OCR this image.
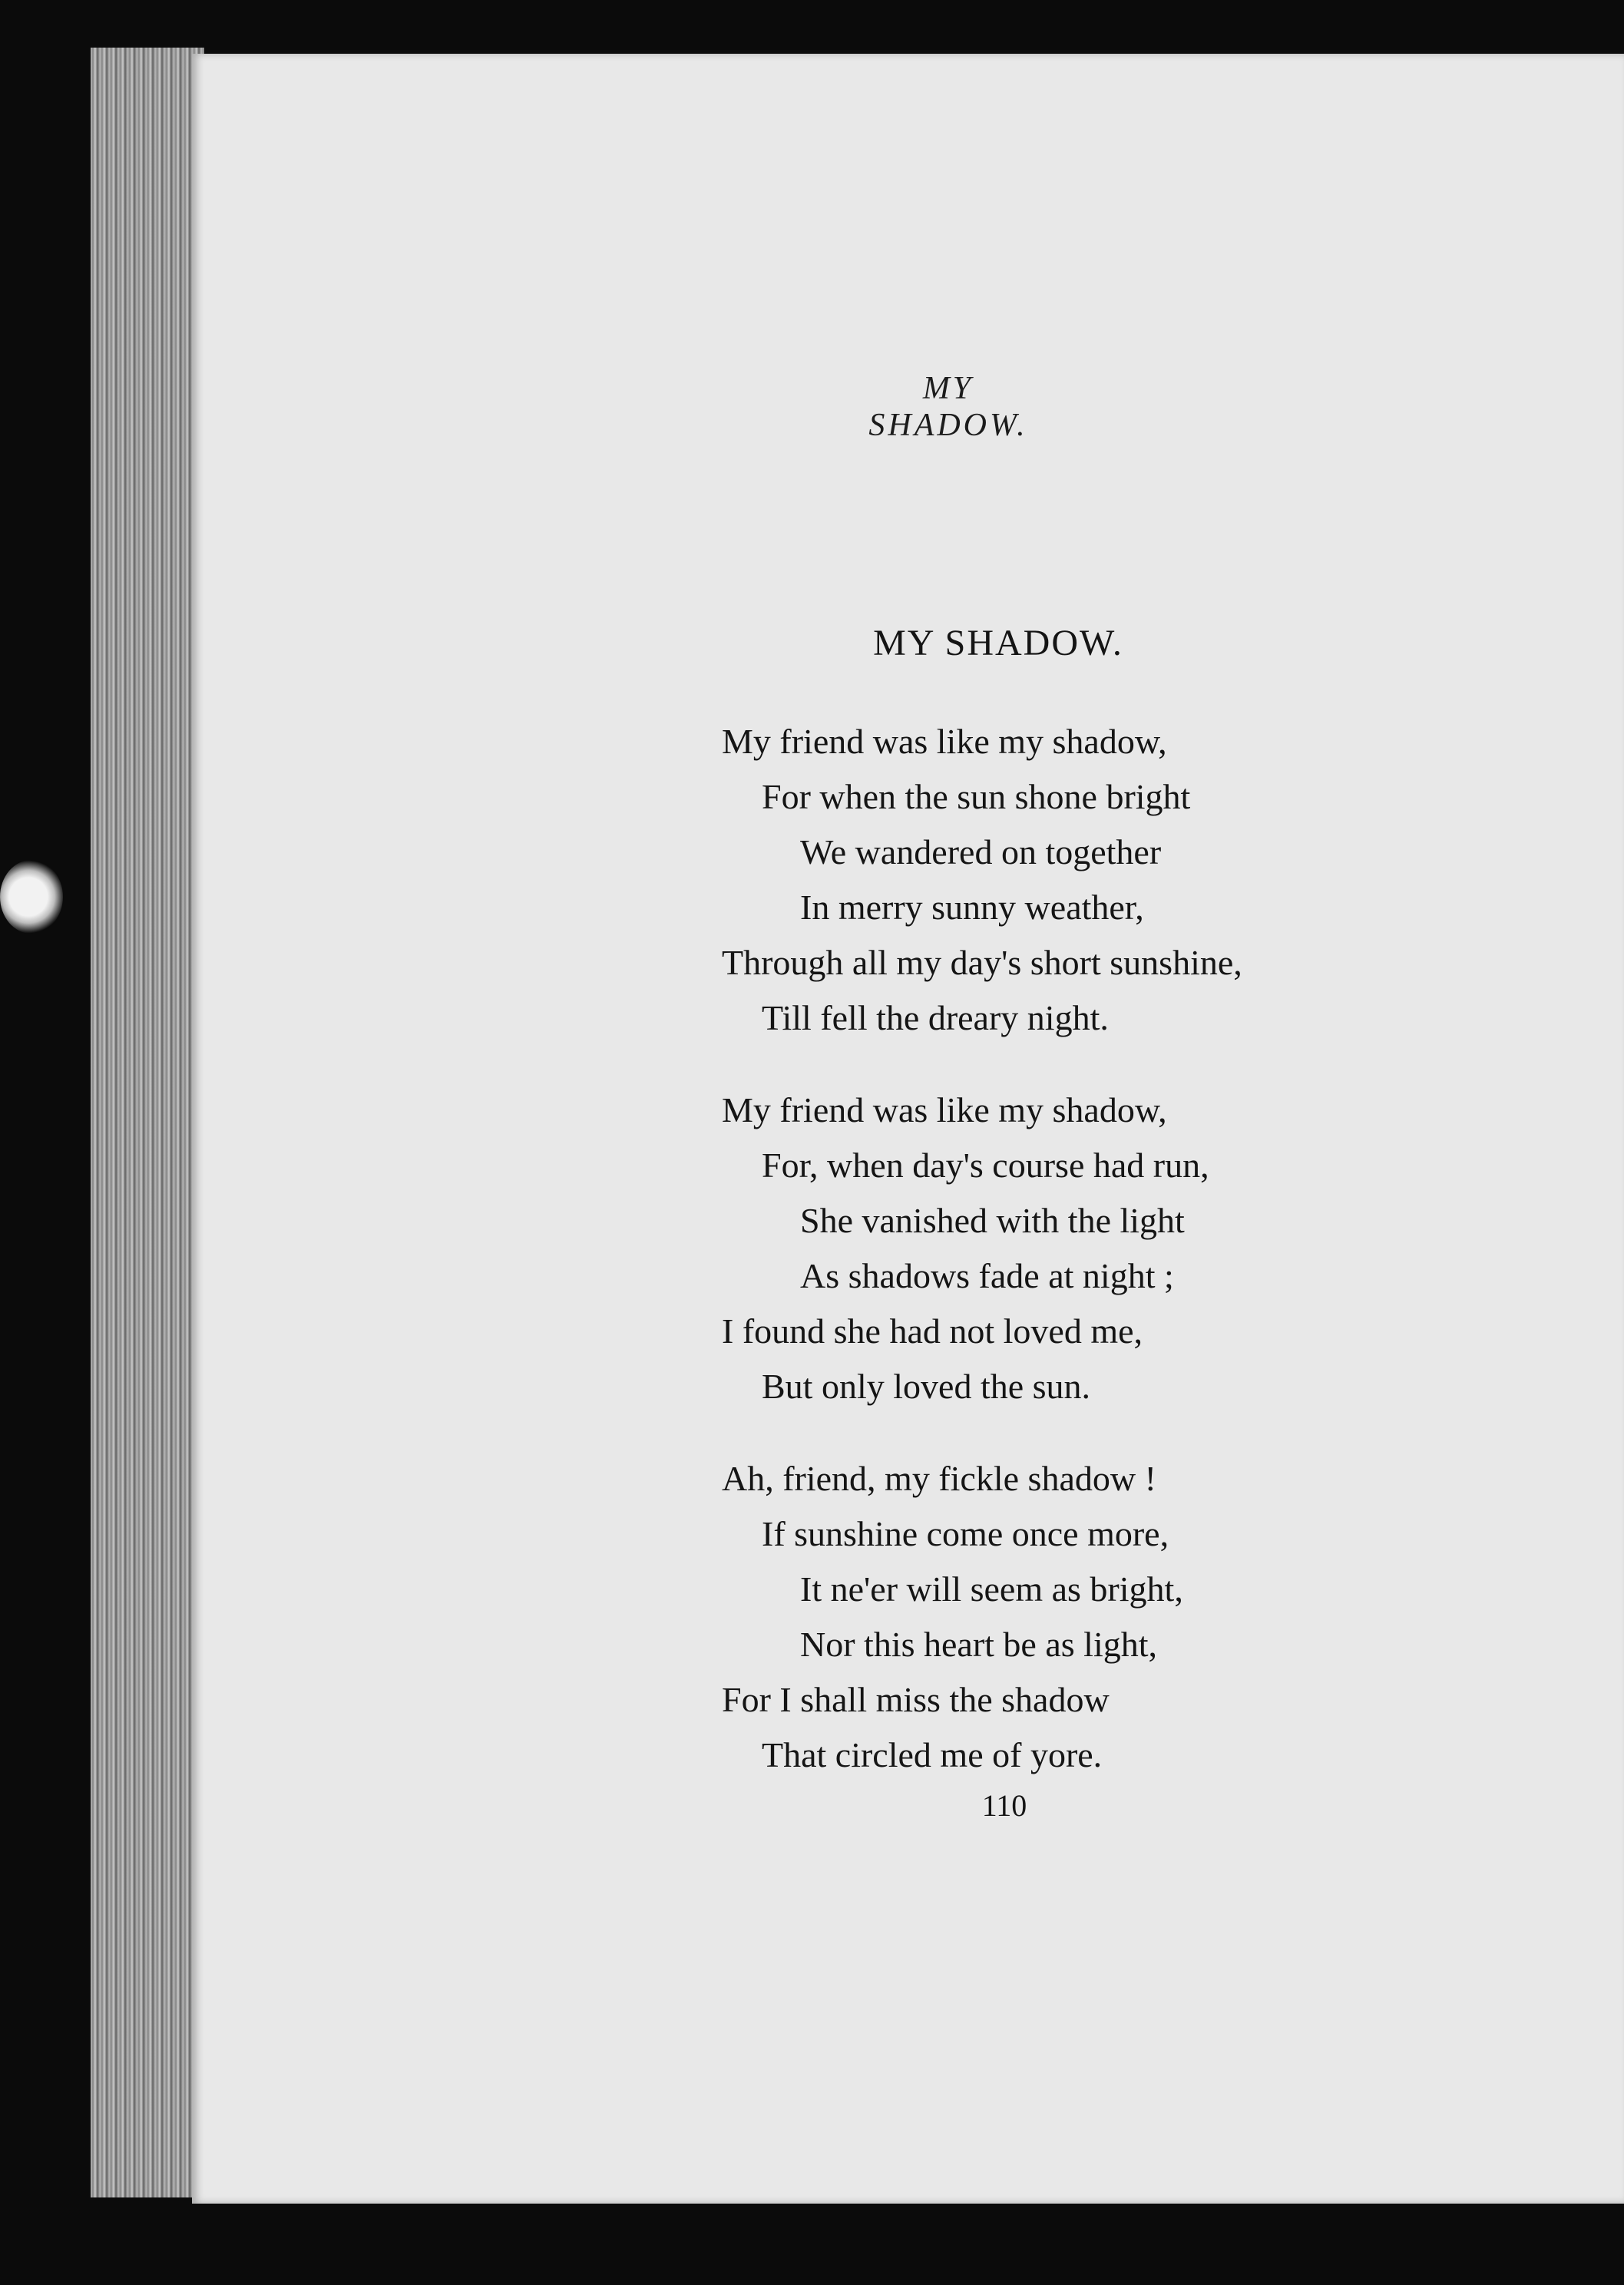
MY SHADOW.
MY SHADOW.
My friend was like my shadow,
For when the sun shone bright
We wandered on together
In merry sunny weather,
Through all my day's short sunshine,
Till fell the dreary night.
My friend was like my shadow,
For, when day's course had run,
She vanished with the light
As shadows fade at night ;
I found she had not loved me,
But only loved the sun.
Ah, friend, my fickle shadow !
If sunshine come once more,
It ne'er will seem as bright,
Nor this heart be as light,
For I shall miss the shadow
That circled me of yore.
110
